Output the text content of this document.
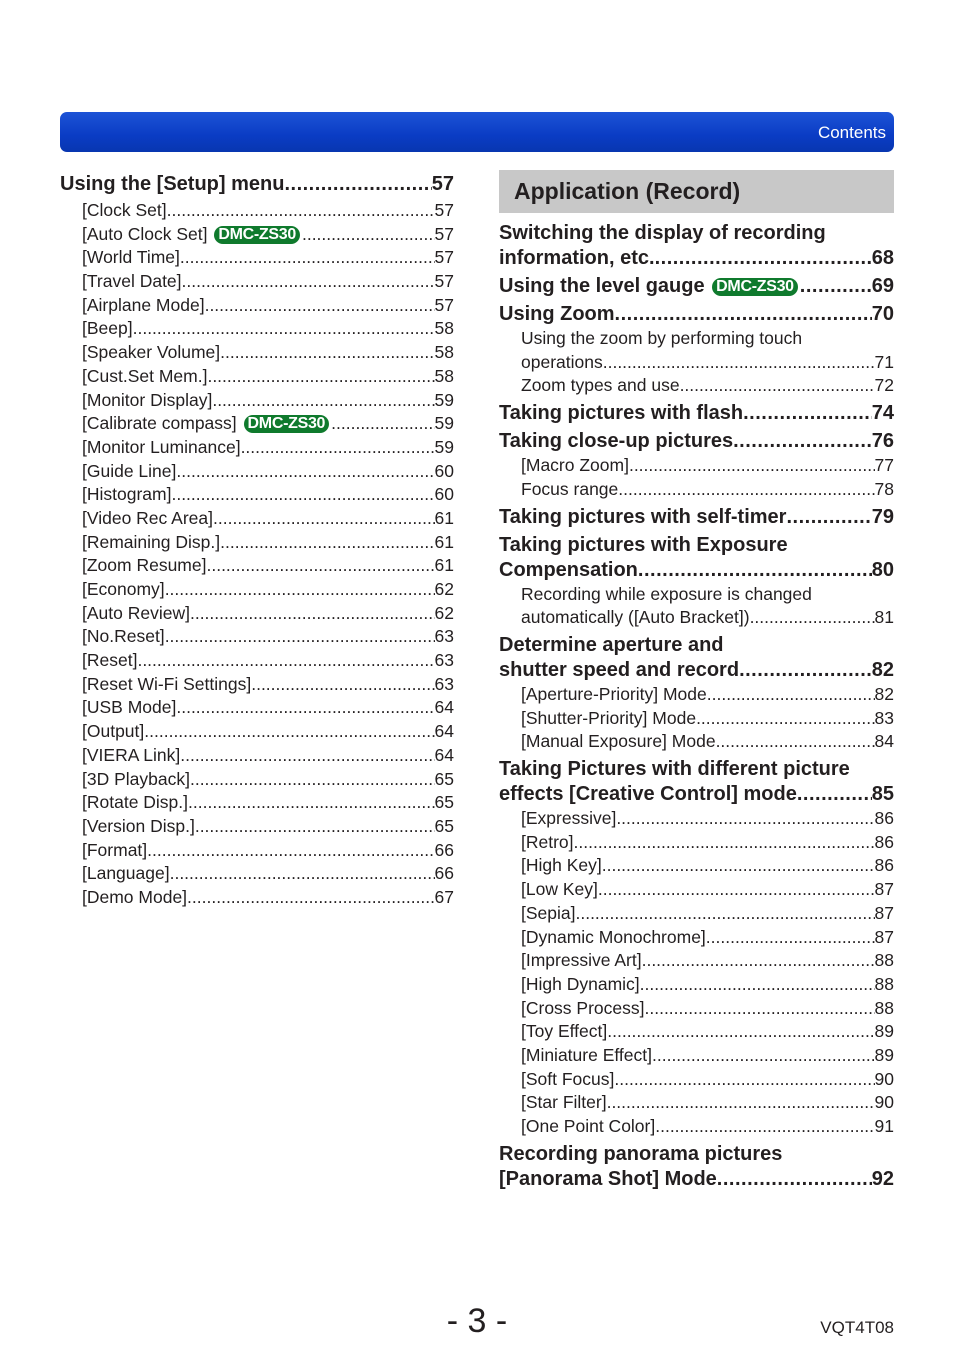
Contents
Using the [Setup] menu .....	57
[Clock Set] .....	57
[Auto Clock Set] DMC-ZS30 .....	57
[World Time] .....	57
[Travel Date] .....	57
[Airplane Mode] .....	57
[Beep] .....	58
[Speaker Volume] .....	58
[Cust.Set Mem.] .....	58
[Monitor Display] .....	59
[Calibrate compass] DMC-ZS30 .....	59
[Monitor Luminance] .....	59
[Guide Line] .....	60
[Histogram] .....	60
[Video Rec Area] .....	61
[Remaining Disp.] .....	61
[Zoom Resume] .....	61
[Economy] .....	62
[Auto Review] .....	62
[No.Reset] .....	63
[Reset] .....	63
[Reset Wi-Fi Settings] .....	63
[USB Mode] .....	64
[Output] .....	64
[VIERA Link] .....	64
[3D Playback] .....	65
[Rotate Disp.] .....	65
[Version Disp.] .....	65
[Format] .....	66
[Language] .....	66
[Demo Mode] .....	67
Application (Record)
Switching the display of recording
information, etc. .....	68
Using the level gauge DMC-ZS30 .....	69
Using Zoom .....	70
Using the zoom by performing touch
operations .....	71
Zoom types and use .....	72
Taking pictures with flash .....	74
Taking close-up pictures .....	76
[Macro Zoom] .....	77
Focus range .....	78
Taking pictures with self-timer .....	79
Taking pictures with Exposure
Compensation .....	80
Recording while exposure is changed
automatically ([Auto Bracket]) .....	81
Determine aperture and
shutter speed and record .....	82
[Aperture-Priority] Mode .....	82
[Shutter-Priority] Mode .....	83
[Manual Exposure] Mode .....	84
Taking Pictures with different picture
effects [Creative Control] mode .....	85
[Expressive] .....	86
[Retro] .....	86
[High Key] .....	86
[Low Key] .....	87
[Sepia] .....	87
[Dynamic Monochrome] .....	87
[Impressive Art] .....	88
[High Dynamic] .....	88
[Cross Process] .....	88
[Toy Effect] .....	89
[Miniature Effect] .....	89
[Soft Focus] .....	90
[Star Filter] .....	90
[One Point Color] .....	91
Recording panorama pictures
[Panorama Shot] Mode .....	92
- 3 -	VQT4T08
